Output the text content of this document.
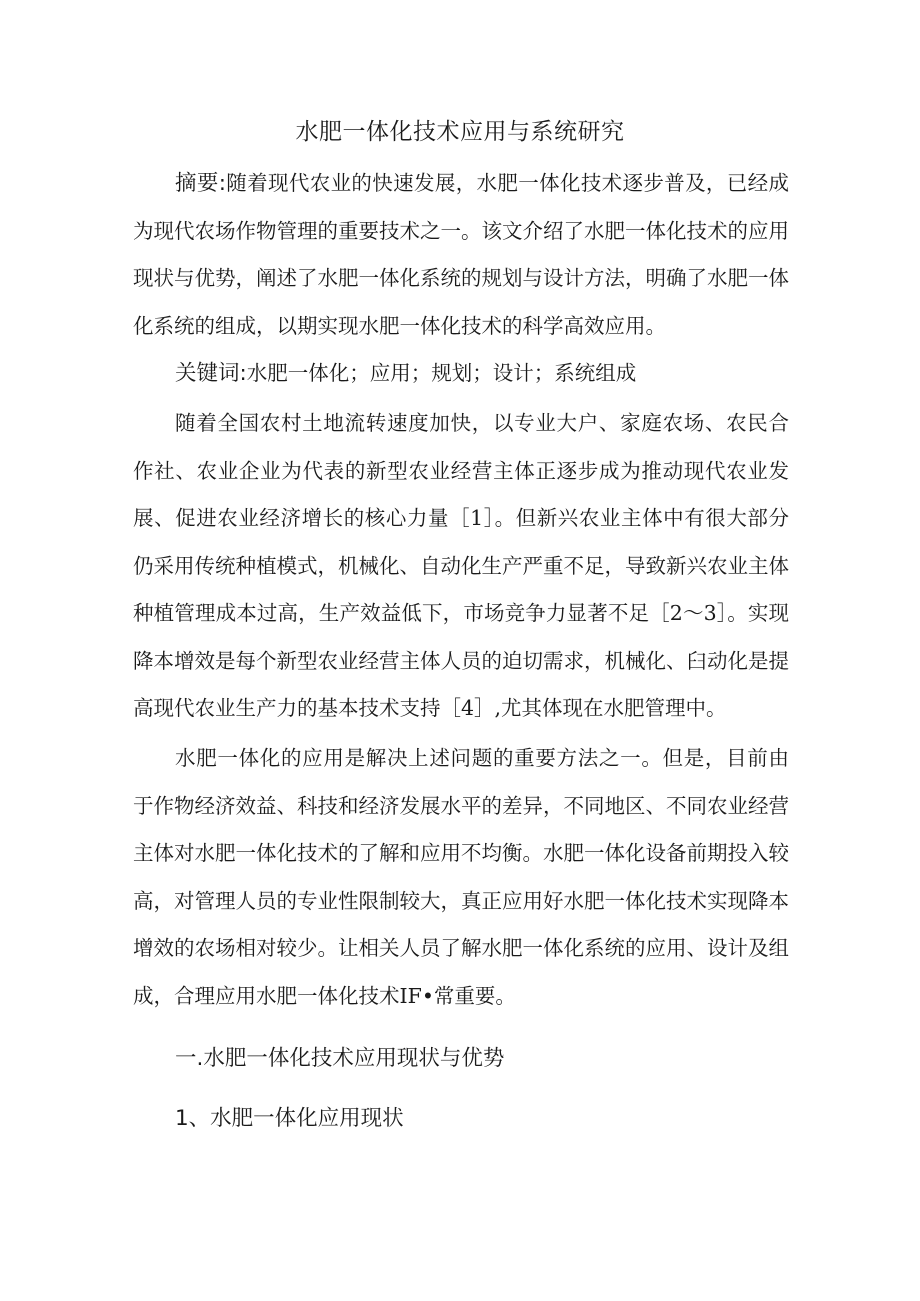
水肥一体化技术应用与系统研究

摘要:随着现代农业的快速发展，水肥一体化技术逐步普及，已经成为现代农场作物管理的重要技术之一。该文介绍了水肥一体化技术的应用现状与优势，阐述了水肥一体化系统的规划与设计方法，明确了水肥一体化系统的组成，以期实现水肥一体化技术的科学高效应用。

关键词:水肥一体化；应用；规划；设计；系统组成

随着全国农村土地流转速度加快，以专业大户、家庭农场、农民合作社、农业企业为代表的新型农业经营主体正逐步成为推动现代农业发展、促进农业经济增长的核心力量［1］。但新兴农业主体中有很大部分仍采用传统种植模式，机械化、自动化生产严重不足，导致新兴农业主体种植管理成本过高，生产效益低下，市场竞争力显著不足［2～3］。实现降本增效是每个新型农业经营主体人员的迫切需求，机械化、臼动化是提高现代农业生产力的基本技术支持［4］,尤其体现在水肥管理中。

水肥一体化的应用是解决上述问题的重要方法之一。但是，目前由于作物经济效益、科技和经济发展水平的差异，不同地区、不同农业经营主体对水肥一体化技术的了解和应用不均衡。水肥一体化设备前期投入较高，对管理人员的专业性限制较大，真正应用好水肥一体化技术实现降本增效的农场相对较少。让相关人员了解水肥一体化系统的应用、设计及组成，合理应用水肥一体化技术IF•常重要。

一.水肥一体化技术应用现状与优势
1、水肥一体化应用现状
